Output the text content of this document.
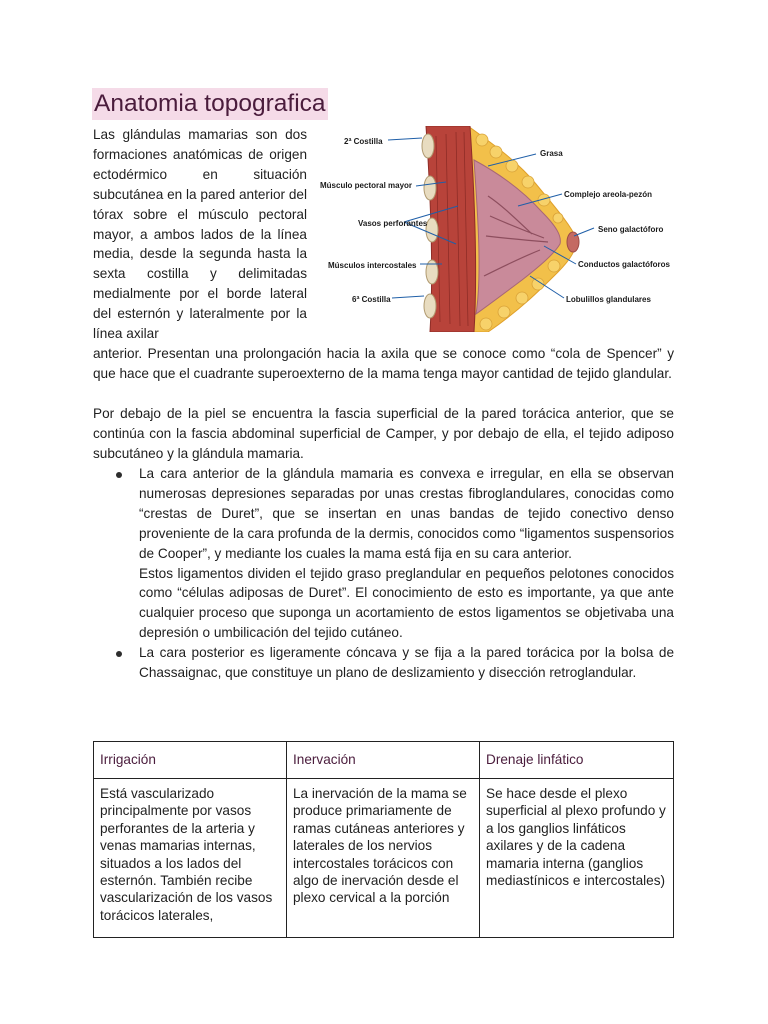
Anatomia topografica

Las glándulas mamarias son dos formaciones anatómicas de origen ectodérmico en situación subcutánea en la pared anterior del tórax sobre el músculo pectoral mayor, a ambos lados de la línea media, desde la segunda hasta la sexta costilla y delimitadas medialmente por el borde lateral del esternón y lateralmente por la línea axilar

2ª Costilla
Músculo pectoral mayor
Vasos perforantes
Músculos intercostales
6ª Costilla
Grasa
Complejo areola-pezón
Seno galactóforo
Conductos galactóforos
Lobulillos glandulares

anterior. Presentan una prolongación hacia la axila que se conoce como “cola de Spencer” y que hace que el cuadrante superoexterno de la mama tenga mayor cantidad de tejido glandular.

Por debajo de la piel se encuentra la fascia superficial de la pared torácica anterior, que se continúa con la fascia abdominal superficial de Camper, y por debajo de ella, el tejido adiposo subcutáneo y la glándula mamaria.

La cara anterior de la glándula mamaria es convexa e irregular, en ella se observan numerosas depresiones separadas por unas crestas fibroglandulares, conocidas como “crestas de Duret”, que se insertan en unas bandas de tejido conectivo denso proveniente de la cara profunda de la dermis, conocidos como “ligamentos suspensorios de Cooper”, y mediante los cuales la mama está fija en su cara anterior.

Estos ligamentos dividen el tejido graso preglandular en pequeños pelotones conocidos como “células adiposas de Duret”. El conocimiento de esto es importante, ya que ante cualquier proceso que suponga un acortamiento de estos ligamentos se objetivaba una depresión o umbilicación del tejido cutáneo.

La cara posterior es ligeramente cóncava y se fija a la pared torácica por la bolsa de Chassaignac, que constituye un plano de deslizamiento y disección retroglandular.

Irrigación	Inervación	Drenaje linfático
Está vascularizado principalmente por vasos perforantes de la arteria y venas mamarias internas, situados a los lados del esternón. También recibe vascularización de los vasos torácicos laterales,	La inervación de la mama se produce primariamente de ramas cutáneas anteriores y laterales de los nervios intercostales torácicos con algo de inervación desde el plexo cervical a la porción	Se hace desde el plexo superficial al plexo profundo y a los ganglios linfáticos axilares y de la cadena mamaria interna (ganglios mediastínicos e intercostales)
